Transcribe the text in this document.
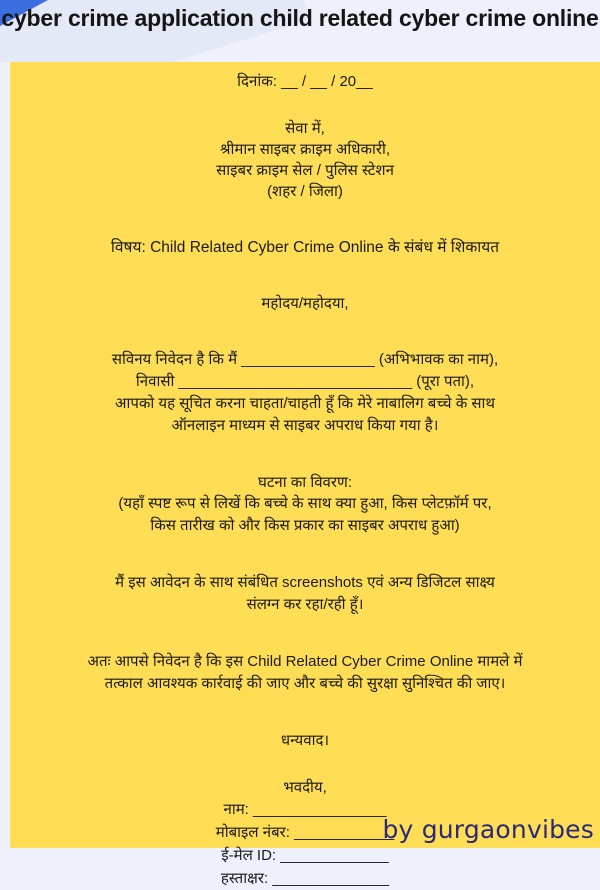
cyber crime application child related cyber crime online
दिनांक: __ / __ / 20__
सेवा में,
श्रीमान साइबर क्राइम अधिकारी,
साइबर क्राइम सेल / पुलिस स्टेशन
(शहर / जिला)
विषय: Child Related Cyber Crime Online के संबंध में शिकायत
महोदय/महोदया,
सविनय निवेदन है कि मैं ________________ (अभिभावक का नाम),
निवासी ____________________________ (पूरा पता),
आपको यह सूचित करना चाहता/चाहती हूँ कि मेरे नाबालिग बच्चे के साथ
ऑनलाइन माध्यम से साइबर अपराध किया गया है।
घटना का विवरण:
(यहाँ स्पष्ट रूप से लिखें कि बच्चे के साथ क्या हुआ, किस प्लेटफ़ॉर्म पर,
किस तारीख को और किस प्रकार का साइबर अपराध हुआ)
मैं इस आवेदन के साथ संबंधित screenshots एवं अन्य डिजिटल साक्ष्य
संलग्न कर रहा/रही हूँ।
अतः आपसे निवेदन है कि इस Child Related Cyber Crime Online मामले में
तत्काल आवश्यक कार्रवाई की जाए और बच्चे की सुरक्षा सुनिश्चित की जाए।
धन्यवाद।
भवदीय,
नाम: ________________
मोबाइल नंबर: ____________
ई-मेल ID: _____________
हस्ताक्षर: ______________
by gurgaonvibes
